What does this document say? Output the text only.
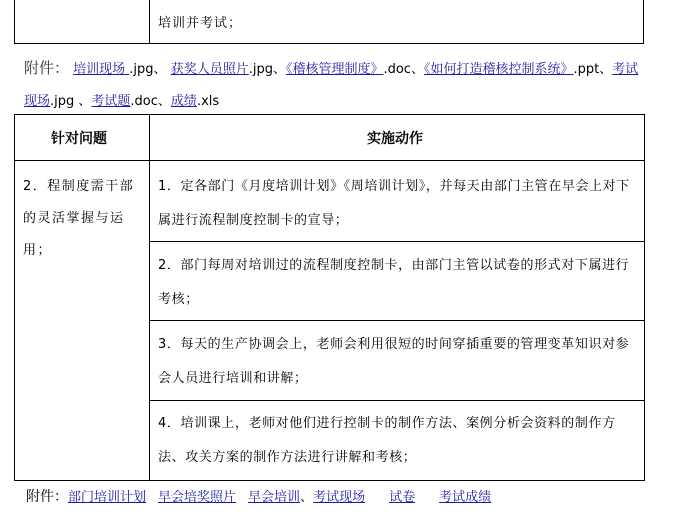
培训并考试；
附件： 培训现场 .jpg、 获奖人员照片.jpg、《稽核管理制度》.doc、《如何打造稽核控制系统》.ppt、考试现场.jpg 、考试题.doc、成绩.xls
针对问题	实施动作
2．程制度需干部的灵活掌握与运用；
1．定各部门《月度培训计划》《周培训计划》，并每天由部门主管在早会上对下属进行流程制度控制卡的宣导；
2．部门每周对培训过的流程制度控制卡，由部门主管以试卷的形式对下属进行考核；
3．每天的生产协调会上，老师会利用很短的时间穿插重要的管理变革知识对参会人员进行培训和讲解；
4．培训课上，老师对他们进行控制卡的制作方法、案例分析会资料的制作方法、攻关方案的制作方法进行讲解和考核；
附件：部门培训计划 早会培奖照片 早会培训、考试现场 试卷 考试成绩
